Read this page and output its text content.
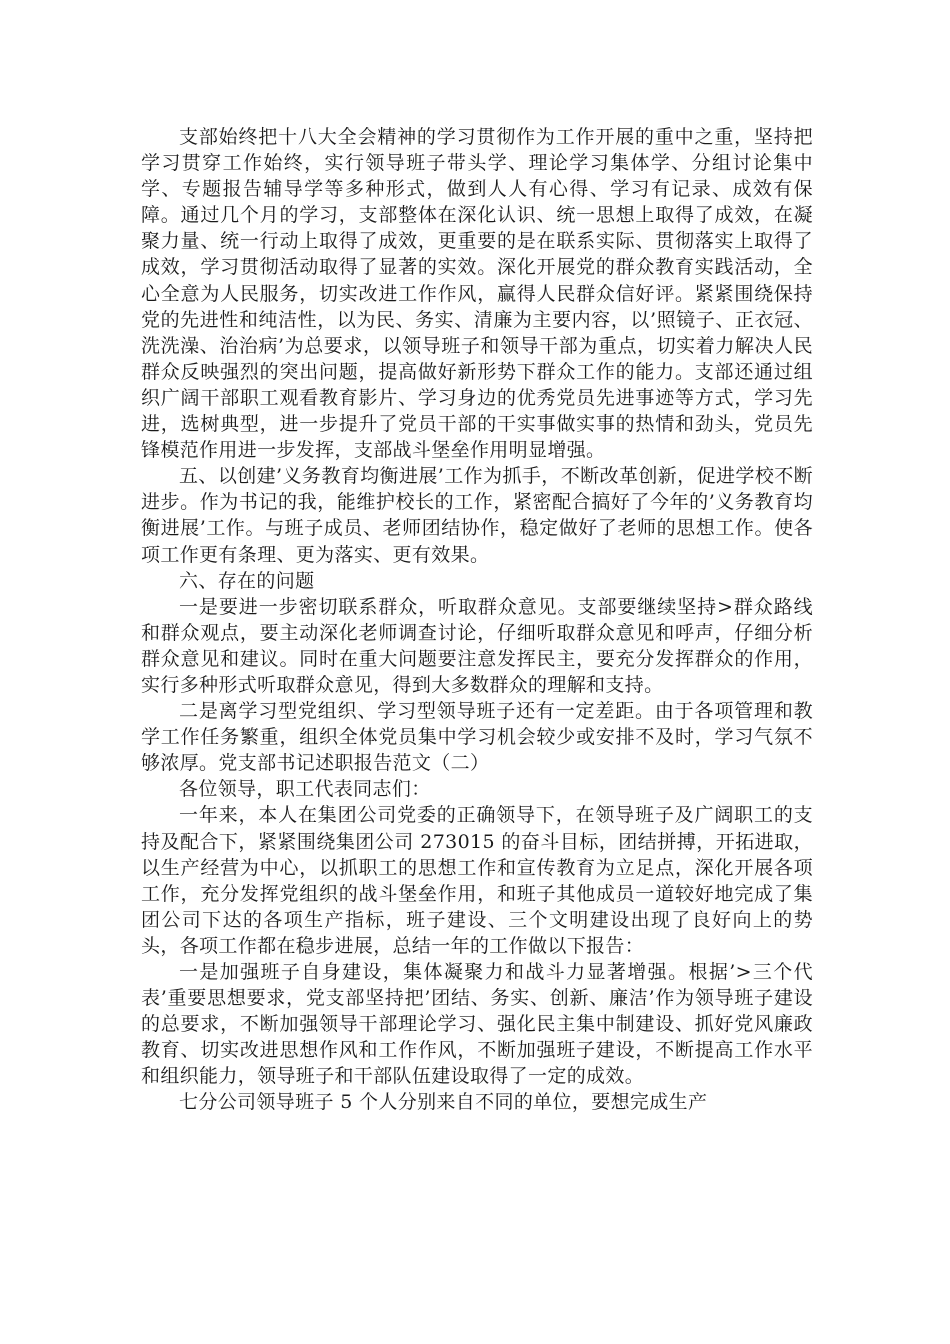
支部始终把十八大全会精神的学习贯彻作为工作开展的重中之重，坚持把学习贯穿工作始终，实行领导班子带头学、理论学习集体学、分组讨论集中学、专题报告辅导学等多种形式，做到人人有心得、学习有记录、成效有保障。通过几个月的学习，支部整体在深化认识、统一思想上取得了成效，在凝聚力量、统一行动上取得了成效，更重要的是在联系实际、贯彻落实上取得了成效，学习贯彻活动取得了显著的实效。深化开展党的群众教育实践活动，全心全意为人民服务，切实改进工作作风，赢得人民群众信好评。紧紧围绕保持党的先进性和纯洁性，以为民、务实、清廉为主要内容，以’照镜子、正衣冠、洗洗澡、治治病’为总要求，以领导班子和领导干部为重点，切实着力解决人民群众反映强烈的突出问题，提高做好新形势下群众工作的能力。支部还通过组织广阔干部职工观看教育影片、学习身边的优秀党员先进事迹等方式，学习先进，选树典型，进一步提升了党员干部的干实事做实事的热情和劲头，党员先锋模范作用进一步发挥，支部战斗堡垒作用明显增强。

五、以创建’义务教育均衡进展’工作为抓手，不断改革创新，促进学校不断进步。作为书记的我，能维护校长的工作，紧密配合搞好了今年的’义务教育均衡进展’工作。与班子成员、老师团结协作，稳定做好了老师的思想工作。使各项工作更有条理、更为落实、更有效果。

六、存在的问题

一是要进一步密切联系群众，听取群众意见。支部要继续坚持>群众路线和群众观点，要主动深化老师调查讨论，仔细听取群众意见和呼声，仔细分析群众意见和建议。同时在重大问题要注意发挥民主，要充分发挥群众的作用，实行多种形式听取群众意见，得到大多数群众的理解和支持。

二是离学习型党组织、学习型领导班子还有一定差距。由于各项管理和教学工作任务繁重，组织全体党员集中学习机会较少或安排不及时，学习气氛不够浓厚。党支部书记述职报告范文（二）

各位领导，职工代表同志们：

一年来，本人在集团公司党委的正确领导下，在领导班子及广阔职工的支持及配合下，紧紧围绕集团公司 273015 的奋斗目标，团结拼搏，开拓进取，以生产经营为中心，以抓职工的思想工作和宣传教育为立足点，深化开展各项工作，充分发挥党组织的战斗堡垒作用，和班子其他成员一道较好地完成了集团公司下达的各项生产指标，班子建设、三个文明建设出现了良好向上的势头，各项工作都在稳步进展，总结一年的工作做以下报告：

一是加强班子自身建设，集体凝聚力和战斗力显著增强。根据’>三个代表’重要思想要求，党支部坚持把’团结、务实、创新、廉洁’作为领导班子建设的总要求，不断加强领导干部理论学习、强化民主集中制建设、抓好党风廉政教育、切实改进思想作风和工作作风，不断加强班子建设，不断提高工作水平和组织能力，领导班子和干部队伍建设取得了一定的成效。

七分公司领导班子 5 个人分别来自不同的单位，要想完成生产
